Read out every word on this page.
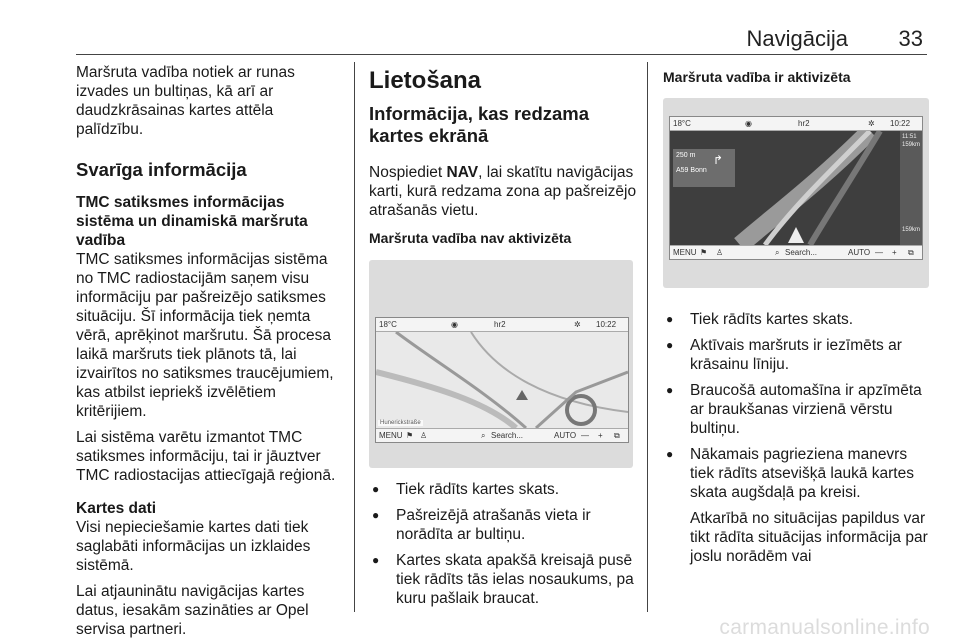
Navigācija 33

Maršruta vadība notiek ar runas izvades un bultiņas, kā arī ar daudzkrāsainas kartes attēla palīdzību.

Svarīga informācija
TMC satiksmes informācijas sistēma un dinamiskā maršruta vadība

TMC satiksmes informācijas sistēma no TMC radiostacijām saņem visu informāciju par pašreizējo satiksmes situāciju. Šī informācija tiek ņemta vērā, aprēķinot maršrutu. Šā procesa laikā maršruts tiek plānots tā, lai izvairītos no satiksmes traucējumiem, kas atbilst iepriekš izvēlētiem kritērijiem.

Lai sistēma varētu izmantot TMC satiksmes informāciju, tai ir jāuztver TMC radiostacijas attiecīgajā reģionā.

Kartes dati

Visi nepieciešamie kartes dati tiek saglabāti informācijas un izklaides sistēmā.

Lai atjauninātu navigācijas kartes datus, iesakām sazināties ar Opel servisa partneri.

Lietošana
Informācija, kas redzama kartes ekrānā

Nospiediet NAV, lai skatītu navigācijas karti, kurā redzama zona ap pašreizējo atrašanās vietu.

Maršruta vadība nav aktivizēta
18°C	◉	hr2	✲ 10:22
Hunerickstraße
MENU ⚑ ♙	⌕ Search...	AUTO — + ⧉
● Tiek rādīts kartes skats.
● Pašreizējā atrašanās vieta ir norādīta ar bultiņu.
● Kartes skata apakšā kreisajā pusē tiek rādīts tās ielas nosaukums, pa kuru pašlaik braucat.
Maršruta vadība ir aktivizēta
18°C	◉	hr2	✲ 10:22
250 m ↱
A59 Bonn
11:51
159km
159km
MENU ⚑ ♙	⌕ Search...	AUTO — + ⧉
● Tiek rādīts kartes skats.
● Aktīvais maršruts ir iezīmēts ar krāsainu līniju.
● Braucošā automašīna ir apzīmēta ar braukšanas virzienā vērstu bultiņu.
● Nākamais pagrieziena manevrs tiek rādīts atsevišķā laukā kartes skata augšdaļā pa kreisi.
Atkarībā no situācijas papildus var tikt rādīta situācijas informācija par joslu norādēm vai
carmanualsonline.info
